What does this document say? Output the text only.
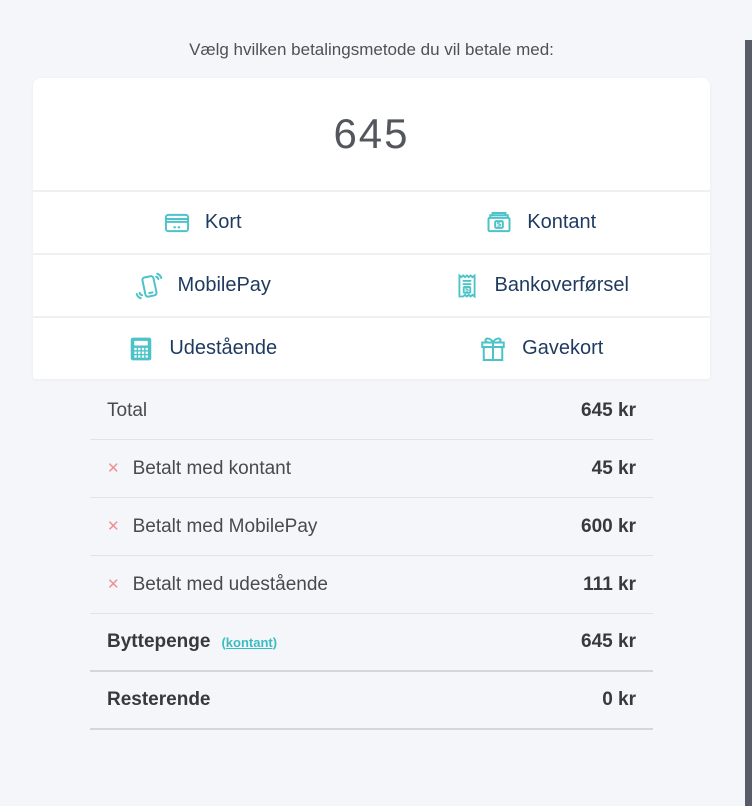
Vælg hvilken betalingsmetode du vil betale med:
645
Kort	$ Kontant
MobilePay	$ Bankoverførsel
Udestående	Gavekort
Total	645 kr
✕ Betalt med kontant	45 kr
✕ Betalt med MobilePay	600 kr
✕ Betalt med udestående	111 kr
Byttepenge (kontant)	645 kr
Resterende	0 kr
